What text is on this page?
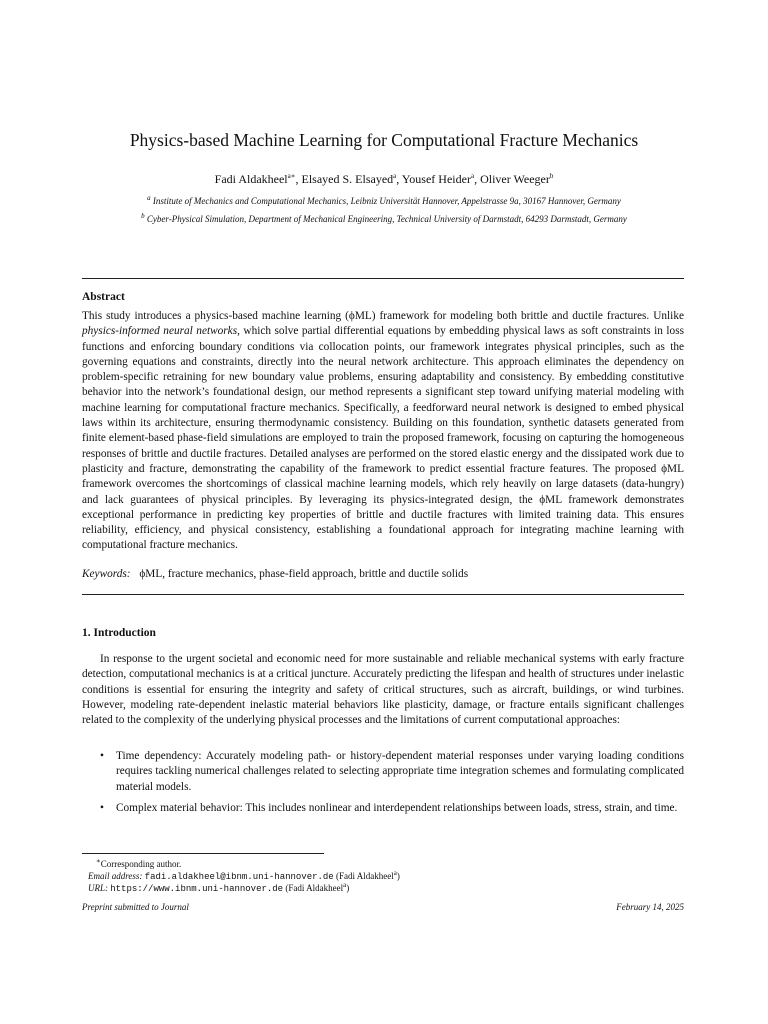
Physics-based Machine Learning for Computational Fracture Mechanics
Fadi Aldakheel$^{a∗}$, Elsayed S. Elsayed$^a$, Yousef Heider$^a$, Oliver Weeger$^b$
$^a$ Institute of Mechanics and Computational Mechanics, Leibniz Universität Hannover, Appelstrasse 9a, 30167 Hannover, Germany
$^b$ Cyber-Physical Simulation, Department of Mechanical Engineering, Technical University of Darmstadt, 64293 Darmstadt, Germany
Abstract
This study introduces a physics-based machine learning (ϕML) framework for modeling both brittle and ductile fractures. Unlike physics-informed neural networks, which solve partial differential equations by embedding physical laws as soft constraints in loss functions and enforcing boundary conditions via collocation points, our framework integrates physical principles, such as the governing equations and constraints, directly into the neural network architecture. This approach eliminates the dependency on problem-specific retraining for new boundary value problems, ensuring adaptability and consistency. By embedding constitutive behavior into the network’s foundational design, our method represents a significant step toward unifying material modeling with machine learning for computational fracture mechanics. Specifically, a feedforward neural network is designed to embed physical laws within its architecture, ensuring thermodynamic consistency. Building on this foundation, synthetic datasets generated from finite element-based phase-field simulations are employed to train the proposed framework, focusing on capturing the homogeneous responses of brittle and ductile fractures. Detailed analyses are performed on the stored elastic energy and the dissipated work due to plasticity and fracture, demonstrating the capability of the framework to predict essential fracture features. The proposed ϕML framework overcomes the shortcomings of classical machine learning models, which rely heavily on large datasets (data-hungry) and lack guarantees of physical principles. By leveraging its physics-integrated design, the ϕML framework demonstrates exceptional performance in predicting key properties of brittle and ductile fractures with limited training data. This ensures reliability, efficiency, and physical consistency, establishing a foundational approach for integrating machine learning with computational fracture mechanics.
Keywords: ϕML, fracture mechanics, phase-field approach, brittle and ductile solids
1. Introduction
In response to the urgent societal and economic need for more sustainable and reliable mechanical systems with early fracture detection, computational mechanics is at a critical juncture. Accurately predicting the lifespan and health of structures under inelastic conditions is essential for ensuring the integrity and safety of critical structures, such as aircraft, buildings, or wind turbines. However, modeling rate-dependent inelastic material behaviors like plasticity, damage, or fracture entails significant challenges related to the complexity of the underlying physical processes and the limitations of current computational approaches:
• Time dependency: Accurately modeling path- or history-dependent material responses under varying loading conditions requires tackling numerical challenges related to selecting appropriate time integration schemes and formulating complicated material models.
• Complex material behavior: This includes nonlinear and interdependent relationships between loads, stress, strain, and time.
∗Corresponding author.
Email address: fadi.aldakheel@ibnm.uni-hannover.de (Fadi Aldakheel$^a$)
URL: https://www.ibnm.uni-hannover.de (Fadi Aldakheel$^a$)
Preprint submitted to Journal	February 14, 2025
